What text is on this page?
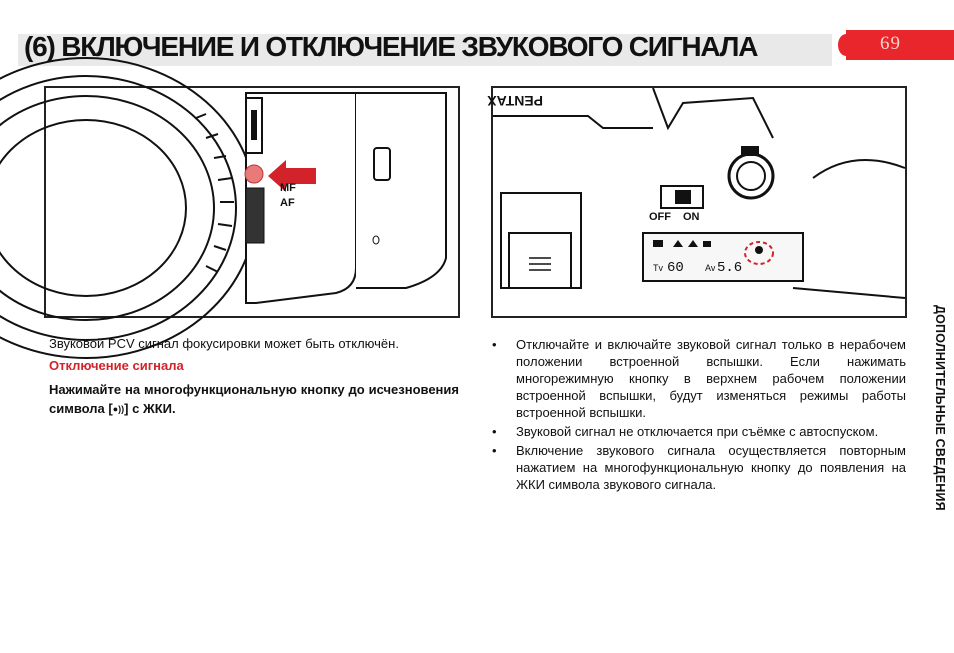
(6) ВКЛЮЧЕНИЕ И ОТКЛЮЧЕНИЕ ЗВУКОВОГО СИГНАЛА	69
MF
AF
PENTAX
OFF ON
Tv 60 Av 5.6
Звуковой PCV сигнал фокусировки может быть отключён.
Отключение сигнала
Нажимайте на многофункциональную кнопку до исчезновения символа [●))] с ЖКИ.
• Отключайте и включайте звуковой сигнал только в нерабочем положении встроенной вспышки. Если нажимать многорежимную кнопку в верхнем рабочем положении встроенной вспышки, будут изменяться режимы работы встроенной вспышки.
• Звуковой сигнал не отключается при съёмке с автоспуском.
• Включение звукового сигнала осуществляется повторным нажатием на многофункциональную кнопку до появления на ЖКИ символа звукового сигнала.	ДОПОЛНИТЕЛЬНЫЕ СВЕДЕНИЯ
